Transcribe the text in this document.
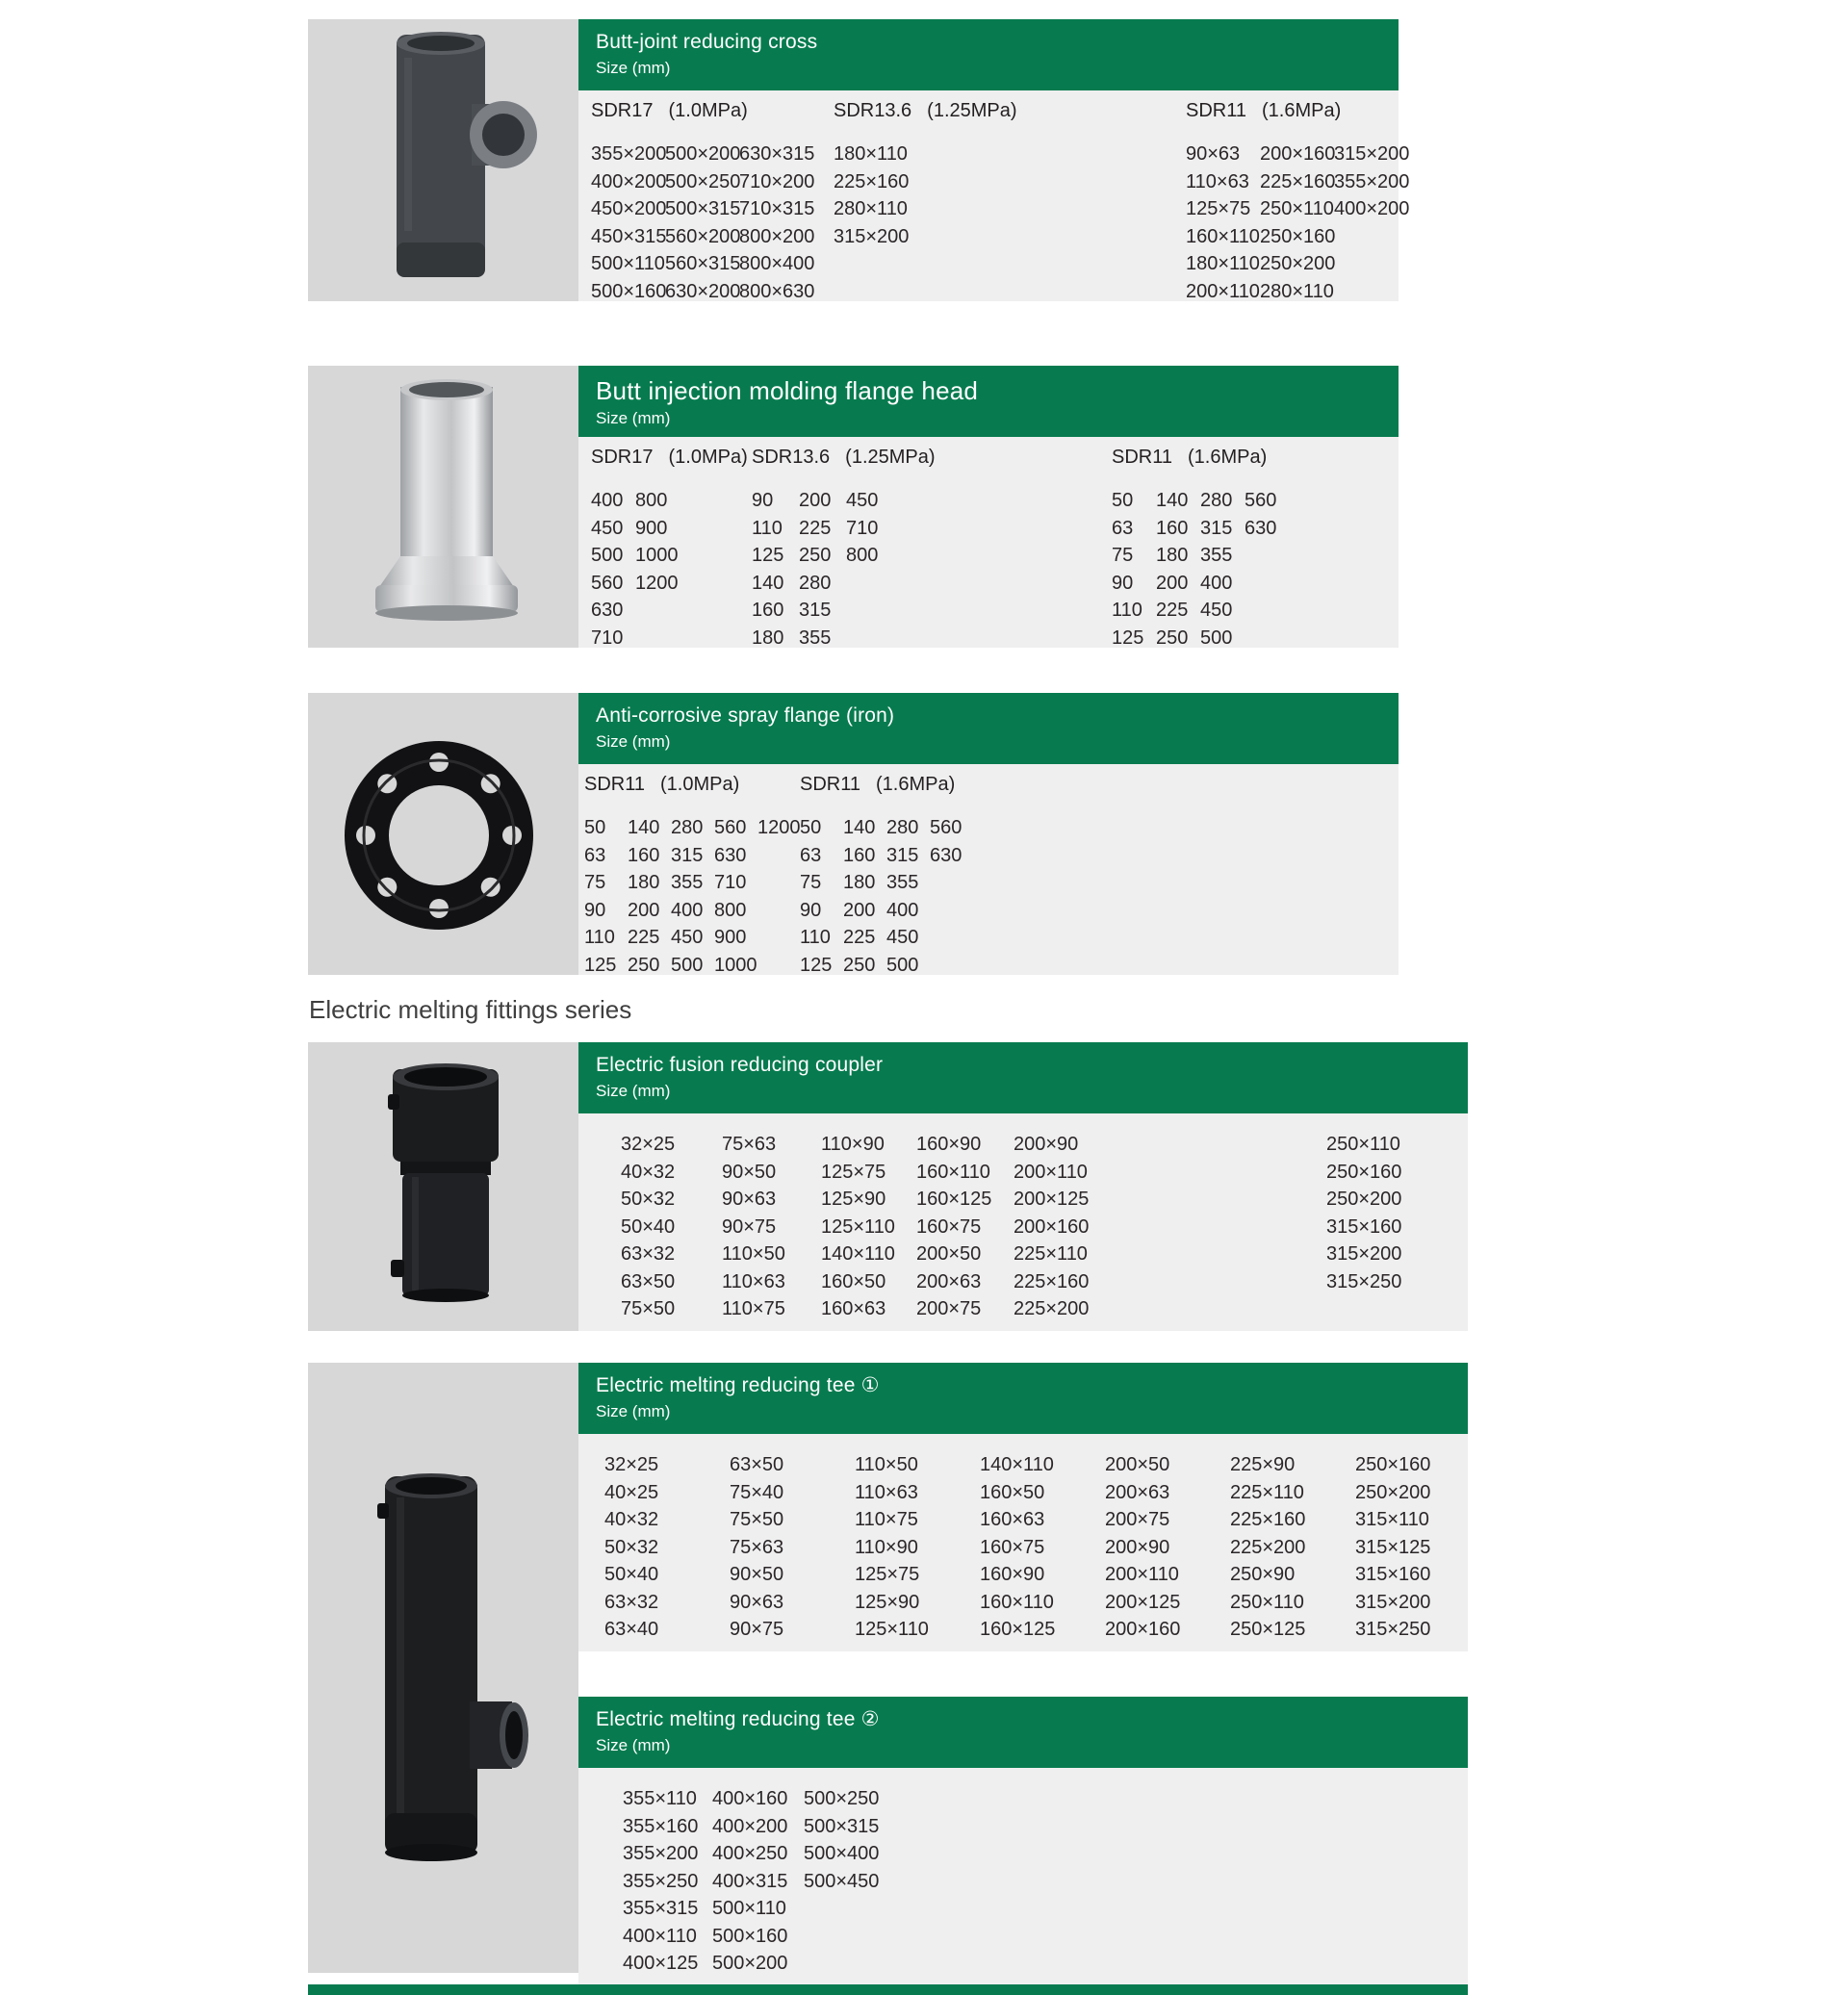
Butt-joint reducing cross
Size (mm)
SDR17 (1.0MPa)
355×200
400×200
450×200
450×315
500×110
500×160
500×200
500×250
500×315
560×200
560×315
630×200
630×315
710×200
710×315
800×200
800×400
800×630
SDR13.6 (1.25MPa)
180×110
225×160
280×110
315×200
SDR11 (1.6MPa)
90×63
110×63
125×75
160×110
180×110
200×110
200×160
225×160
250×110
250×160
250×200
280×110
315×200
355×200
400×200
Butt injection molding flange head
Size (mm)
SDR17 (1.0MPa)
400
450
500
560
630
710
800
900
1000
1200
SDR13.6 (1.25MPa)
90
110
125
140
160
180
200
225
250
280
315
355
450
710
800
SDR11 (1.6MPa)
50
63
75
90
110
125
140
160
180
200
225
250
280
315
355
400
450
500
560
630
Anti-corrosive spray flange (iron)
Size (mm)
SDR11 (1.0MPa)
50
63
75
90
110
125
140
160
180
200
225
250
280
315
355
400
450
500
560
630
710
800
900
1000
1200
SDR11 (1.6MPa)
50
63
75
90
110
125
140
160
180
200
225
250
280
315
355
400
450
500
560
630
Electric melting fittings series
Electric fusion reducing coupler
Size (mm)
32×25
40×32
50×32
50×40
63×32
63×50
75×50
75×63
90×50
90×63
90×75
110×50
110×63
110×75
110×90
125×75
125×90
125×110
140×110
160×50
160×63
160×90
160×110
160×125
160×75
200×50
200×63
200×75
200×90
200×110
200×125
200×160
225×110
225×160
225×200
250×110
250×160
250×200
315×160
315×200
315×250
Electric melting reducing tee ①
Size (mm)
32×25
40×25
40×32
50×32
50×40
63×32
63×40
63×50
75×40
75×50
75×63
90×50
90×63
90×75
110×50
110×63
110×75
110×90
125×75
125×90
125×110
140×110
160×50
160×63
160×75
160×90
160×110
160×125
200×50
200×63
200×75
200×90
200×110
200×125
200×160
225×90
225×110
225×160
225×200
250×90
250×110
250×125
250×160
250×200
315×110
315×125
315×160
315×200
315×250
Electric melting reducing tee ②
Size (mm)
355×110
355×160
355×200
355×250
355×315
400×110
400×125
400×160
400×200
400×250
400×315
500×110
500×160
500×200
500×250
500×315
500×400
500×450
